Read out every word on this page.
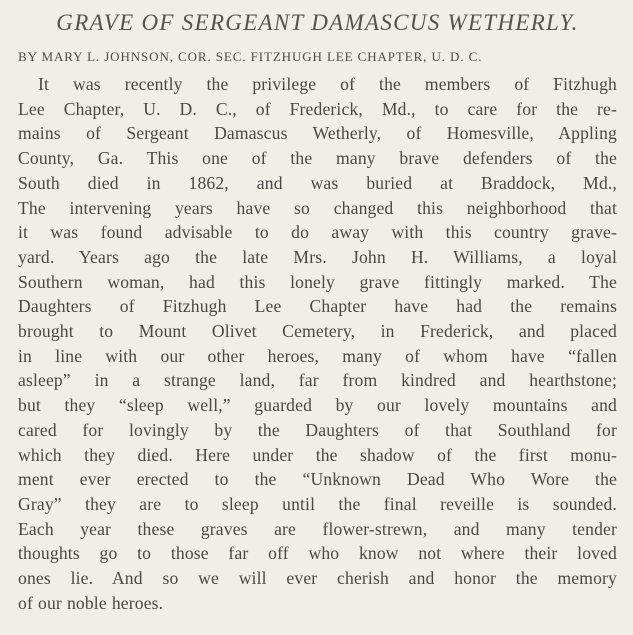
GRAVE OF SERGEANT DAMASCUS WETHERLY.
BY MARY L. JOHNSON, COR. SEC. FITZHUGH LEE CHAPTER, U. D. C.
It was recently the privilege of the members of Fitzhugh
Lee Chapter, U. D. C., of Frederick, Md., to care for the re-
mains of Sergeant Damascus Wetherly, of Homesville, Appling
County, Ga. This one of the many brave defenders of the
South died in 1862, and was buried at Braddock, Md.,
The intervening years have so changed this neighborhood that
it was found advisable to do away with this country grave-
yard. Years ago the late Mrs. John H. Williams, a loyal
Southern woman, had this lonely grave fittingly marked. The
Daughters of Fitzhugh Lee Chapter have had the remains
brought to Mount Olivet Cemetery, in Frederick, and placed
in line with our other heroes, many of whom have “fallen
asleep” in a strange land, far from kindred and hearthstone;
but they “sleep well,” guarded by our lovely mountains and
cared for lovingly by the Daughters of that Southland for
which they died. Here under the shadow of the first monu-
ment ever erected to the “Unknown Dead Who Wore the
Gray” they are to sleep until the final reveille is sounded.
Each year these graves are flower-strewn, and many tender
thoughts go to those far off who know not where their loved
ones lie. And so we will ever cherish and honor the memory
of our noble heroes.
